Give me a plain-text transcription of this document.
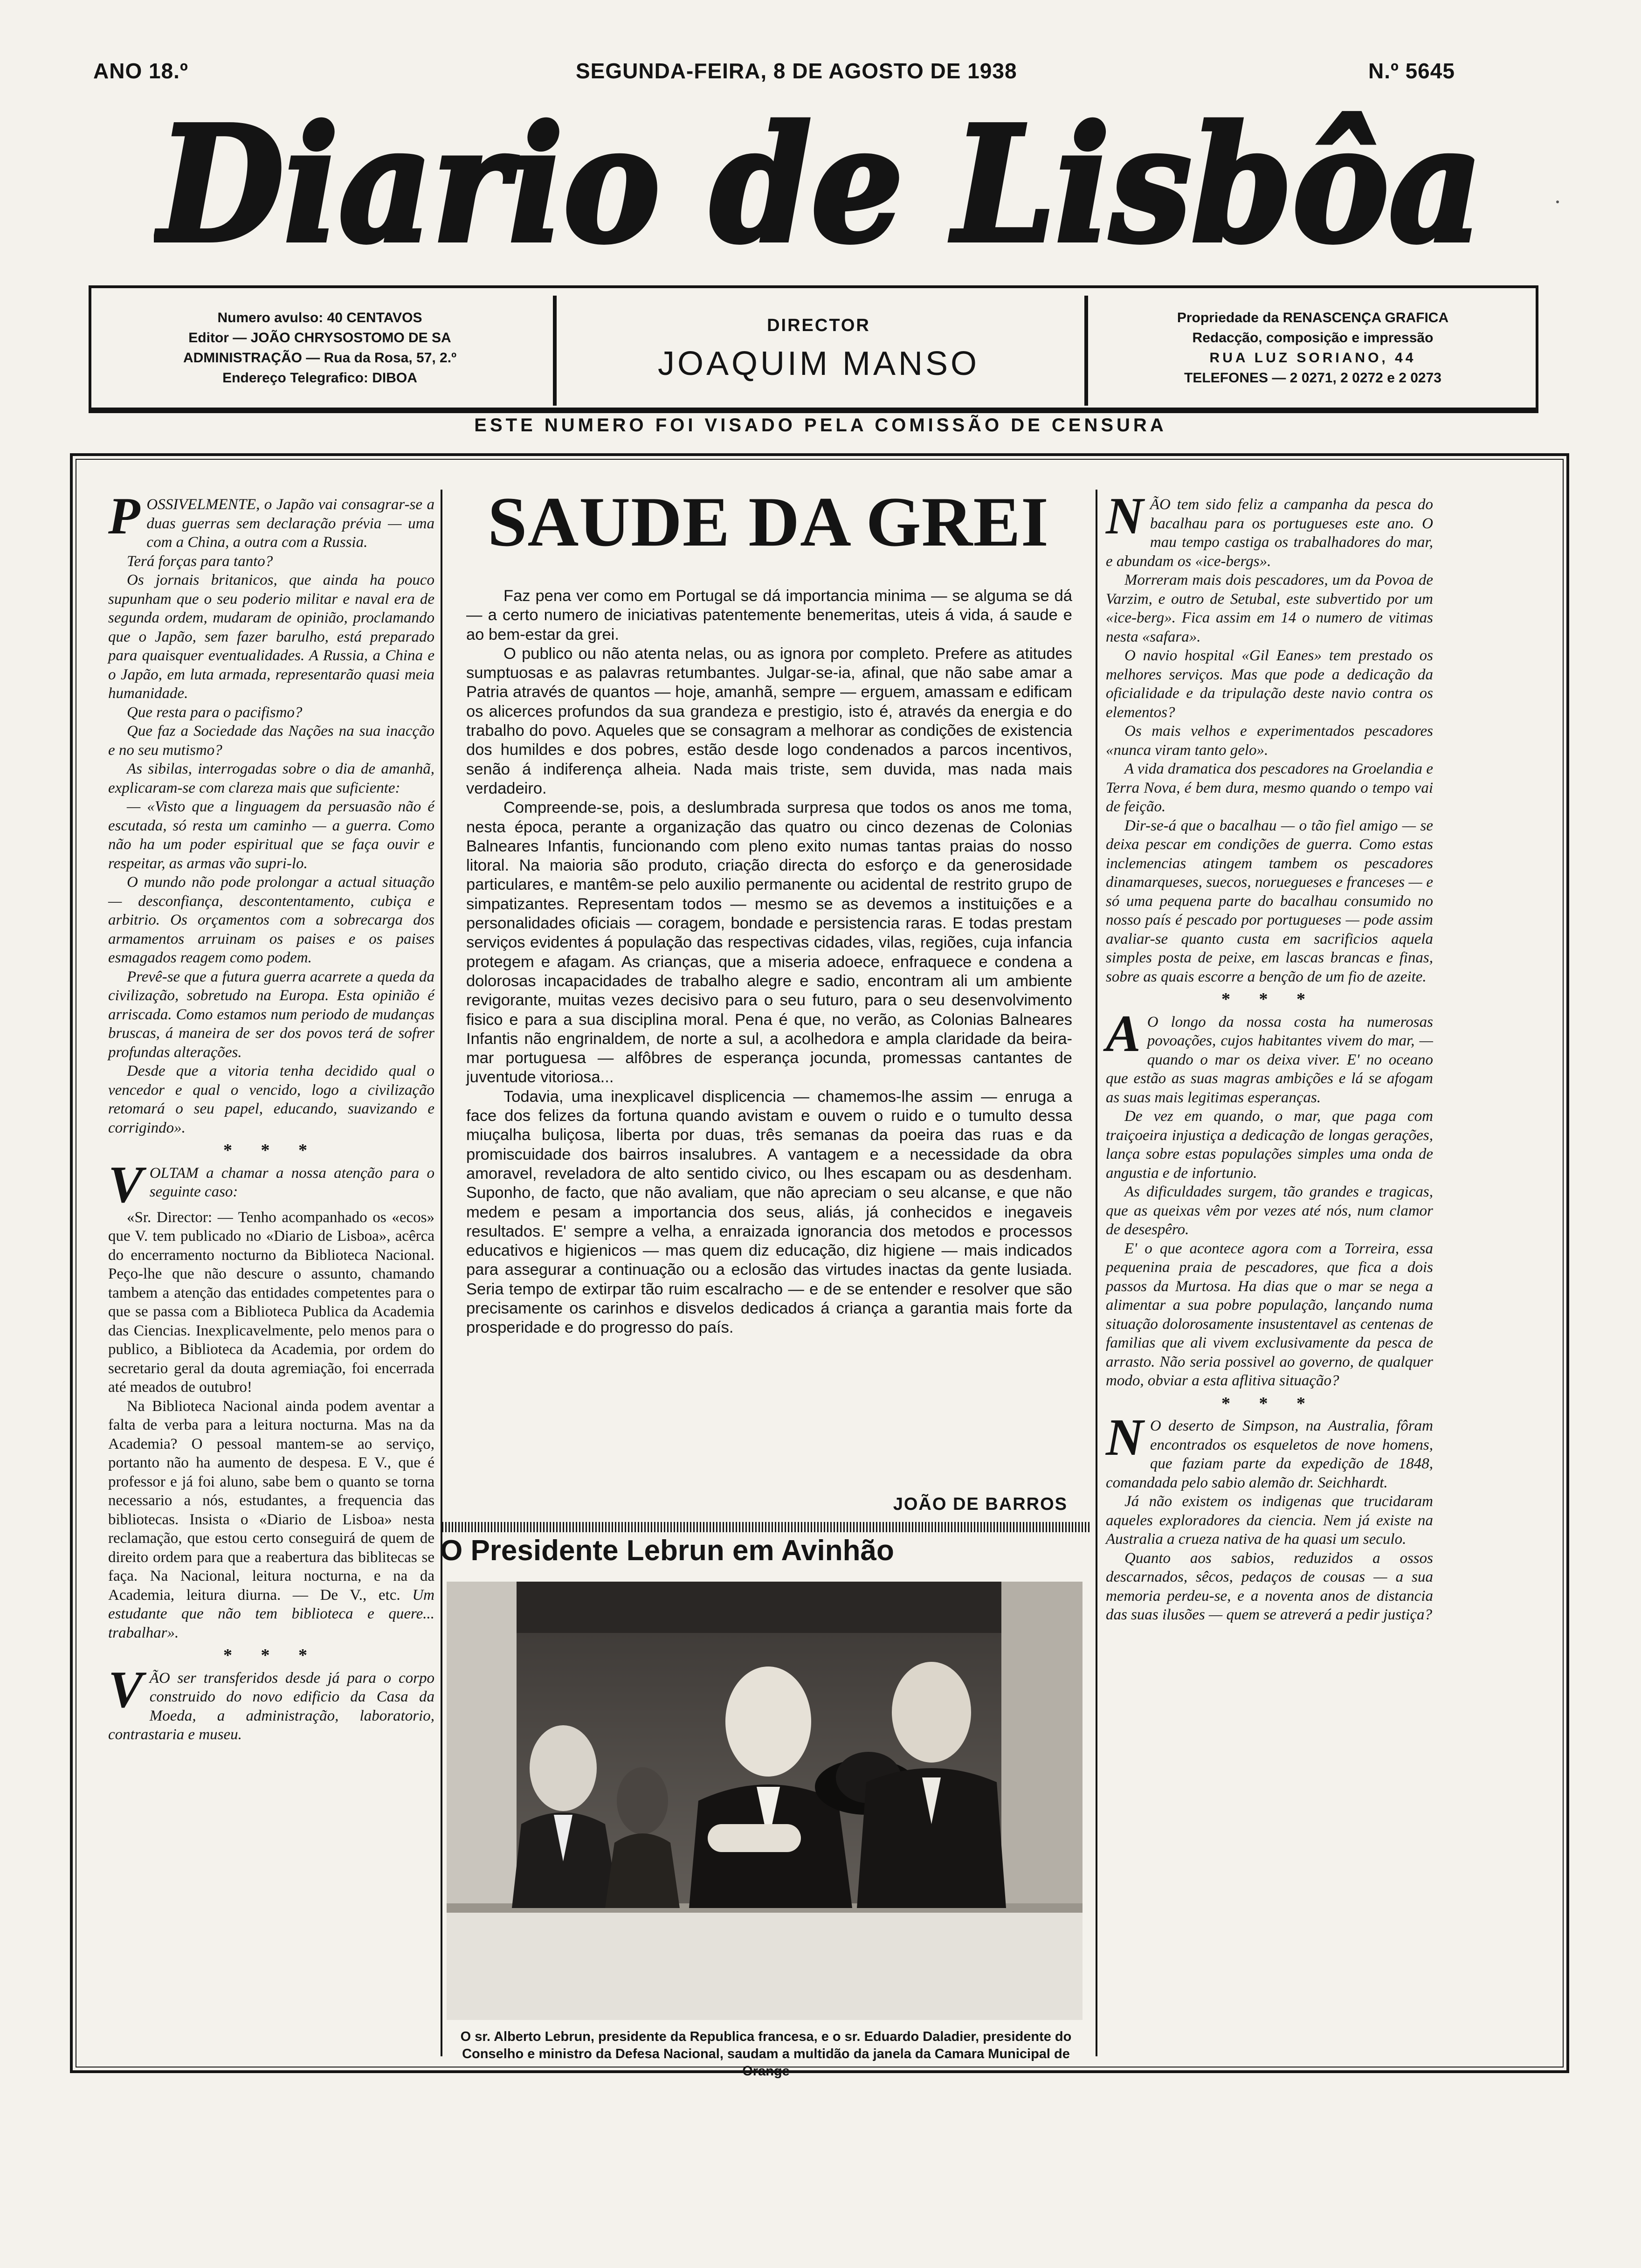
ANO 18.º	SEGUNDA-FEIRA, 8 DE AGOSTO DE 1938	N.º 5645
Diario de Lisbôa
Numero avulso: 40 CENTAVOS
Editor — JOÃO CHRYSOSTOMO DE SA
ADMINISTRAÇÃO — Rua da Rosa, 57, 2.º
Endereço Telegrafico: DIBOA
DIRECTOR
JOAQUIM MANSO
Propriedade da RENASCENÇA GRAFICA
Redacção, composição e impressão
RUA LUZ SORIANO, 44
TELEFONES — 2 0271, 2 0272 e 2 0273
ESTE NUMERO FOI VISADO PELA COMISSÃO DE CENSURA

POSSIVELMENTE, o Japão vai consagrar-se a duas guerras sem declaração prévia — uma com a China, a outra com a Russia.

Terá forças para tanto?

Os jornais britanicos, que ainda ha pouco supunham que o seu poderio militar e naval era de segunda ordem, mudaram de opinião, proclamando que o Japão, sem fazer barulho, está preparado para quaisquer eventualidades. A Russia, a China e o Japão, em luta armada, representarão quasi meia humanidade.

Que resta para o pacifismo?

Que faz a Sociedade das Nações na sua inacção e no seu mutismo?

As sibilas, interrogadas sobre o dia de amanhã, explicaram-se com clareza mais que suficiente:

— «Visto que a linguagem da persuasão não é escutada, só resta um caminho — a guerra. Como não ha um poder espiritual que se faça ouvir e respeitar, as armas vão supri-lo.

O mundo não pode prolongar a actual situação — desconfiança, descontentamento, cubiça e arbitrio. Os orçamentos com a sobrecarga dos armamentos arruinam os paises e os paises esmagados reagem como podem.

Prevê-se que a futura guerra acarrete a queda da civilização, sobretudo na Europa. Esta opinião é arriscada. Como estamos num periodo de mudanças bruscas, á maneira de ser dos povos terá de sofrer profundas alterações.

Desde que a vitoria tenha decidido qual o vencedor e qual o vencido, logo a civilização retomará o seu papel, educando, suavizando e corrigindo».

* * *

VOLTAM a chamar a nossa atenção para o seguinte caso:

«Sr. Director: — Tenho acompanhado os «ecos» que V. tem publicado no «Diario de Lisboa», acêrca do encerramento nocturno da Biblioteca Nacional. Peço-lhe que não descure o assunto, chamando tambem a atenção das entidades competentes para o que se passa com a Biblioteca Publica da Academia das Ciencias. Inexplicavelmente, pelo menos para o publico, a Biblioteca da Academia, por ordem do secretario geral da douta agremiação, foi encerrada até meados de outubro!

Na Biblioteca Nacional ainda podem aventar a falta de verba para a leitura nocturna. Mas na da Academia? O pessoal mantem-se ao serviço, portanto não ha aumento de despesa. E V., que é professor e já foi aluno, sabe bem o quanto se torna necessario a nós, estudantes, a frequencia das bibliotecas. Insista o «Diario de Lisboa» nesta reclamação, que estou certo conseguirá de quem de direito ordem para que a reabertura das biblitecas se faça. Na Nacional, leitura nocturna, e na da Academia, leitura diurna. — De V., etc. Um estudante que não tem biblioteca e quere... trabalhar».

* * *

VÃO ser transferidos desde já para o corpo construido do novo edificio da Casa da Moeda, a administração, laboratorio, contrastaria e museu.

SAUDE DA GREI

Faz pena ver como em Portugal se dá importancia minima — se alguma se dá — a certo numero de iniciativas patentemente benemeritas, uteis á vida, á saude e ao bem-estar da grei.

O publico ou não atenta nelas, ou as ignora por completo. Prefere as atitudes sumptuosas e as palavras retumbantes. Julgar-se-ia, afinal, que não sabe amar a Patria através de quantos — hoje, amanhã, sempre — erguem, amassam e edificam os alicerces profundos da sua grandeza e prestigio, isto é, através da energia e do trabalho do povo. Aqueles que se consagram a melhorar as condições de existencia dos humildes e dos pobres, estão desde logo condenados a parcos incentivos, senão á indiferença alheia. Nada mais triste, sem duvida, mas nada mais verdadeiro.

Compreende-se, pois, a deslumbrada surpresa que todos os anos me toma, nesta época, perante a organização das quatro ou cinco dezenas de Colonias Balneares Infantis, funcionando com pleno exito numas tantas praias do nosso litoral. Na maioria são produto, criação directa do esforço e da generosidade particulares, e mantêm-se pelo auxilio permanente ou acidental de restrito grupo de simpatizantes. Representam todos — mesmo se as devemos a instituições e a personalidades oficiais — coragem, bondade e persistencia raras. E todas prestam serviços evidentes á população das respectivas cidades, vilas, regiões, cuja infancia protegem e afagam. As crianças, que a miseria adoece, enfraquece e condena a dolorosas incapacidades de trabalho alegre e sadio, encontram ali um ambiente revigorante, muitas vezes decisivo para o seu futuro, para o seu desenvolvimento fisico e para a sua disciplina moral. Pena é que, no verão, as Colonias Balneares Infantis não engrinaldem, de norte a sul, a acolhedora e ampla claridade da beira-mar portuguesa — alfôbres de esperança jocunda, promessas cantantes de juventude vitoriosa...

Todavia, uma inexplicavel displicencia — chamemos-lhe assim — enruga a face dos felizes da fortuna quando avistam e ouvem o ruido e o tumulto dessa miuçalha buliçosa, liberta por duas, três semanas da poeira das ruas e da promiscuidade dos bairros insalubres. A vantagem e a necessidade da obra amoravel, reveladora de alto sentido civico, ou lhes escapam ou as desdenham. Suponho, de facto, que não avaliam, que não apreciam o seu alcanse, e que não medem e pesam a importancia dos seus, aliás, já conhecidos e inegaveis resultados. E' sempre a velha, a enraizada ignorancia dos metodos e processos educativos e higienicos — mas quem diz educação, diz higiene — mais indicados para assegurar a continuação ou a eclosão das virtudes inactas da gente lusiada. Seria tempo de extirpar tão ruim escalracho — e de se entender e resolver que são precisamente os carinhos e disvelos dedicados á criança a garantia mais forte da prosperidade e do progresso do país.

JOÃO DE BARROS
O Presidente Lebrun em Avinhão
O sr. Alberto Lebrun, presidente da Republica francesa, e o sr. Eduardo Daladier, presidente do Conselho e ministro da Defesa Nacional, saudam a multidão da janela da Camara Municipal de Orange

NÃO tem sido feliz a campanha da pesca do bacalhau para os portugueses este ano. O mau tempo castiga os trabalhadores do mar, e abundam os «ice-bergs».

Morreram mais dois pescadores, um da Povoa de Varzim, e outro de Setubal, este subvertido por um «ice-berg». Fica assim em 14 o numero de vitimas nesta «safara».

O navio hospital «Gil Eanes» tem prestado os melhores serviços. Mas que pode a dedicação da oficialidade e da tripulação deste navio contra os elementos?

Os mais velhos e experimentados pescadores «nunca viram tanto gelo».

A vida dramatica dos pescadores na Groelandia e Terra Nova, é bem dura, mesmo quando o tempo vai de feição.

Dir-se-á que o bacalhau — o tão fiel amigo — se deixa pescar em condições de guerra. Como estas inclemencias atingem tambem os pescadores dinamarqueses, suecos, noruegueses e franceses — e só uma pequena parte do bacalhau consumido no nosso país é pescado por portugueses — pode assim avaliar-se quanto custa em sacrificios aquela simples posta de peixe, em lascas brancas e finas, sobre as quais escorre a benção de um fio de azeite.

* * *

A O longo da nossa costa ha numerosas povoações, cujos habitantes vivem do mar, — quando o mar os deixa viver. E' no oceano que estão as suas magras ambições e lá se afogam as suas mais legitimas esperanças.

De vez em quando, o mar, que paga com traiçoeira injustiça a dedicação de longas gerações, lança sobre estas populações simples uma onda de angustia e de infortunio.

As dificuldades surgem, tão grandes e tragicas, que as queixas vêm por vezes até nós, num clamor de desespêro.

E' o que acontece agora com a Torreira, essa pequenina praia de pescadores, que fica a dois passos da Murtosa. Ha dias que o mar se nega a alimentar a sua pobre população, lançando numa situação dolorosamente insustentavel as centenas de familias que ali vivem exclusivamente da pesca de arrasto. Não seria possivel ao governo, de qualquer modo, obviar a esta aflitiva situação?

* * *

N O deserto de Simpson, na Australia, fôram encontrados os esqueletos de nove homens, que faziam parte da expedição de 1848, comandada pelo sabio alemão dr. Seichhardt.

Já não existem os indigenas que trucidaram aqueles exploradores da ciencia. Nem já existe na Australia a crueza nativa de ha quasi um seculo.

Quanto aos sabios, reduzidos a ossos descarnados, sêcos, pedaços de cousas — a sua memoria perdeu-se, e a noventa anos de distancia das suas ilusões — quem se atreverá a pedir justiça?
